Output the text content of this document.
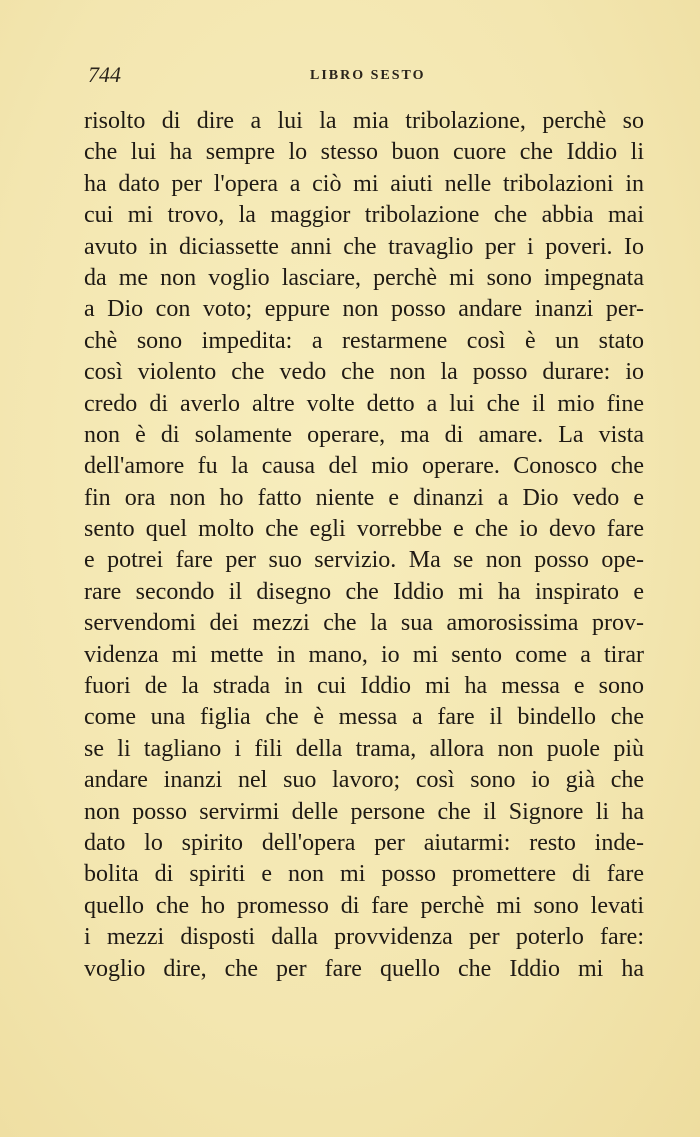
744	LIBRO SESTO
risolto di dire a lui la mia tribolazione, perchè so
che lui ha sempre lo stesso buon cuore che Iddio li
ha dato per l'opera a ciò mi aiuti nelle tribolazioni in
cui mi trovo, la maggior tribolazione che abbia mai
avuto in diciassette anni che travaglio per i poveri. Io
da me non voglio lasciare, perchè mi sono impegnata
a Dio con voto; eppure non posso andare inanzi per-
chè sono impedita: a restarmene così è un stato
così violento che vedo che non la posso durare: io
credo di averlo altre volte detto a lui che il mio fine
non è di solamente operare, ma di amare. La vista
dell'amore fu la causa del mio operare. Conosco che
fin ora non ho fatto niente e dinanzi a Dio vedo e
sento quel molto che egli vorrebbe e che io devo fare
e potrei fare per suo servizio. Ma se non posso ope-
rare secondo il disegno che Iddio mi ha inspirato e
servendomi dei mezzi che la sua amorosissima prov-
videnza mi mette in mano, io mi sento come a tirar
fuori de la strada in cui Iddio mi ha messa e sono
come una figlia che è messa a fare il bindello che
se li tagliano i fili della trama, allora non puole più
andare inanzi nel suo lavoro; così sono io già che
non posso servirmi delle persone che il Signore li ha
dato lo spirito dell'opera per aiutarmi: resto inde-
bolita di spiriti e non mi posso promettere di fare
quello che ho promesso di fare perchè mi sono levati
i mezzi disposti dalla provvidenza per poterlo fare:
voglio dire, che per fare quello che Iddio mi ha
